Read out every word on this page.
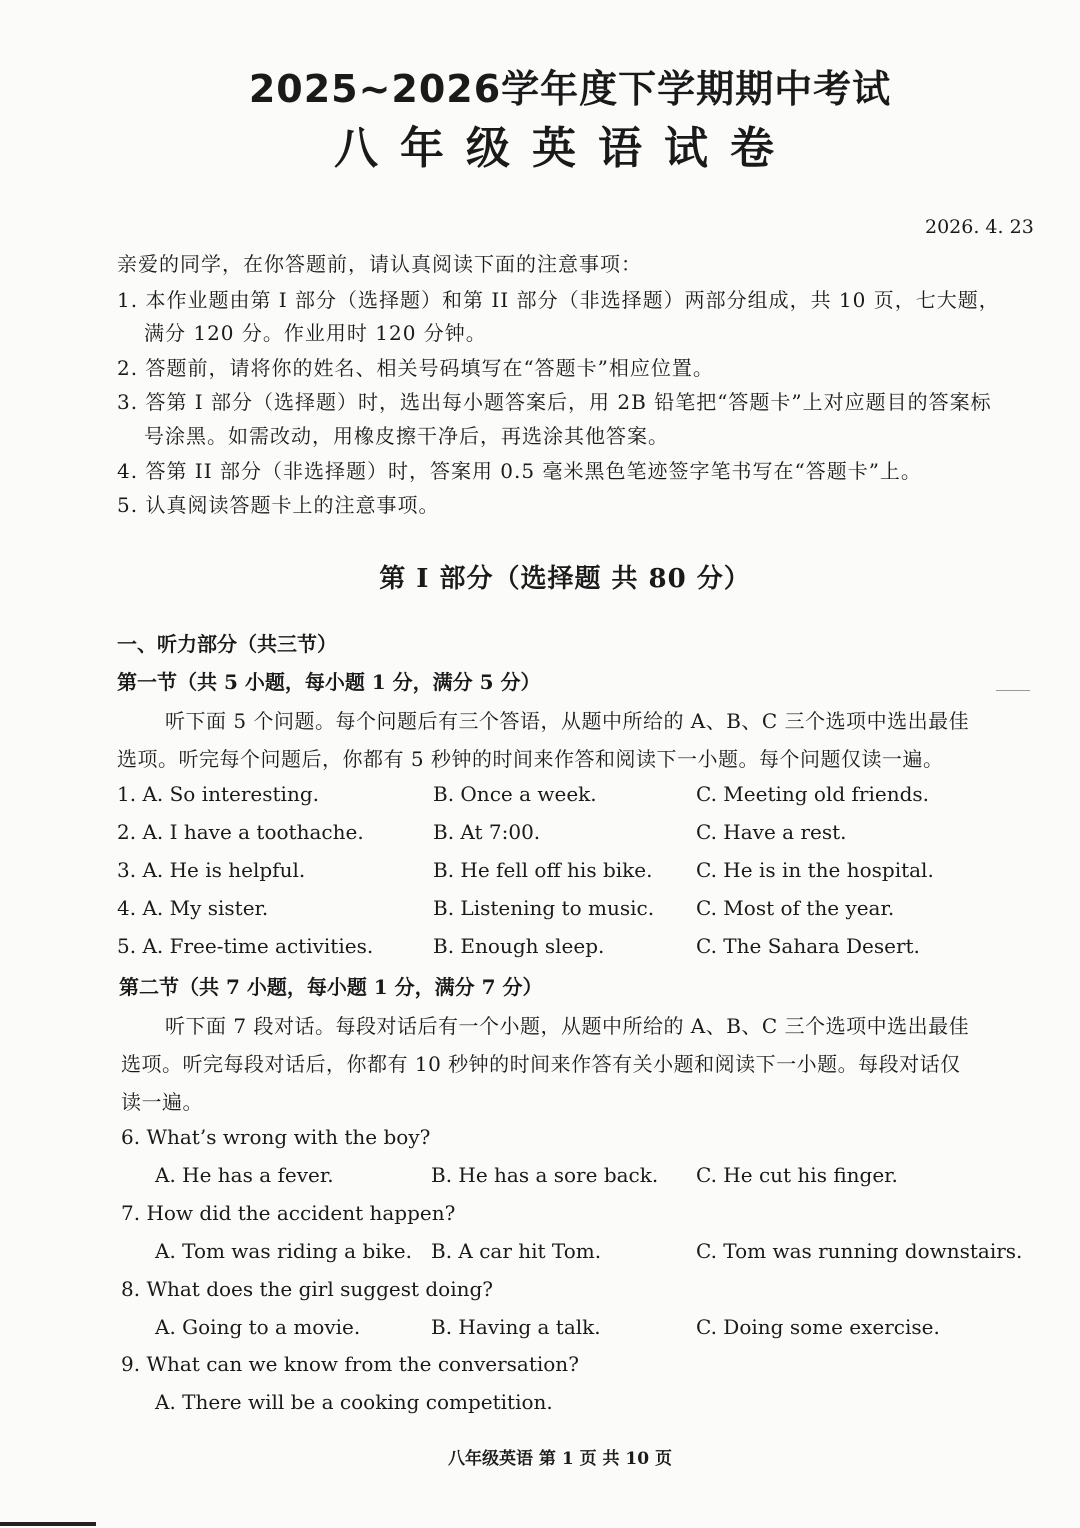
2025~2026学年度下学期期中考试
八年级英语试卷
2026. 4. 23
亲爱的同学，在你答题前，请认真阅读下面的注意事项：
1. 本作业题由第 I 部分（选择题）和第 II 部分（非选择题）两部分组成，共 10 页，七大题，
满分 120 分。作业用时 120 分钟。
2. 答题前，请将你的姓名、相关号码填写在“答题卡”相应位置。
3. 答第 I 部分（选择题）时，选出每小题答案后，用 2B 铅笔把“答题卡”上对应题目的答案标
号涂黑。如需改动，用橡皮擦干净后，再选涂其他答案。
4. 答第 II 部分（非选择题）时，答案用 0.5 毫米黑色笔迹签字笔书写在“答题卡”上。
5. 认真阅读答题卡上的注意事项。
第 I 部分（选择题 共 80 分）
一、听力部分（共三节）
第一节（共 5 小题，每小题 1 分，满分 5 分）
听下面 5 个问题。每个问题后有三个答语，从题中所给的 A、B、C 三个选项中选出最佳
选项。听完每个问题后，你都有 5 秒钟的时间来作答和阅读下一小题。每个问题仅读一遍。
1. A. So interesting.	B. Once a week.	C. Meeting old friends.
2. A. I have a toothache.	B. At 7:00.	C. Have a rest.
3. A. He is helpful.	B. He fell off his bike. C. He is in the hospital.
4. A. My sister.	B. Listening to music. C. Most of the year.
5. A. Free-time activities.	B. Enough sleep.	C. The Sahara Desert.
第二节（共 7 小题，每小题 1 分，满分 7 分）
听下面 7 段对话。每段对话后有一个小题，从题中所给的 A、B、C 三个选项中选出最佳
选项。听完每段对话后，你都有 10 秒钟的时间来作答有关小题和阅读下一小题。每段对话仅
读一遍。
6. What’s wrong with the boy?
A. He has a fever.	B. He has a sore back. C. He cut his finger.
7. How did the accident happen?
A. Tom was riding a bike. B. A car hit Tom.	C. Tom was running downstairs.
8. What does the girl suggest doing?
A. Going to a movie.	B. Having a talk.	C. Doing some exercise.
9. What can we know from the conversation?
A. There will be a cooking competition.
八年级英语 第 1 页 共 10 页
